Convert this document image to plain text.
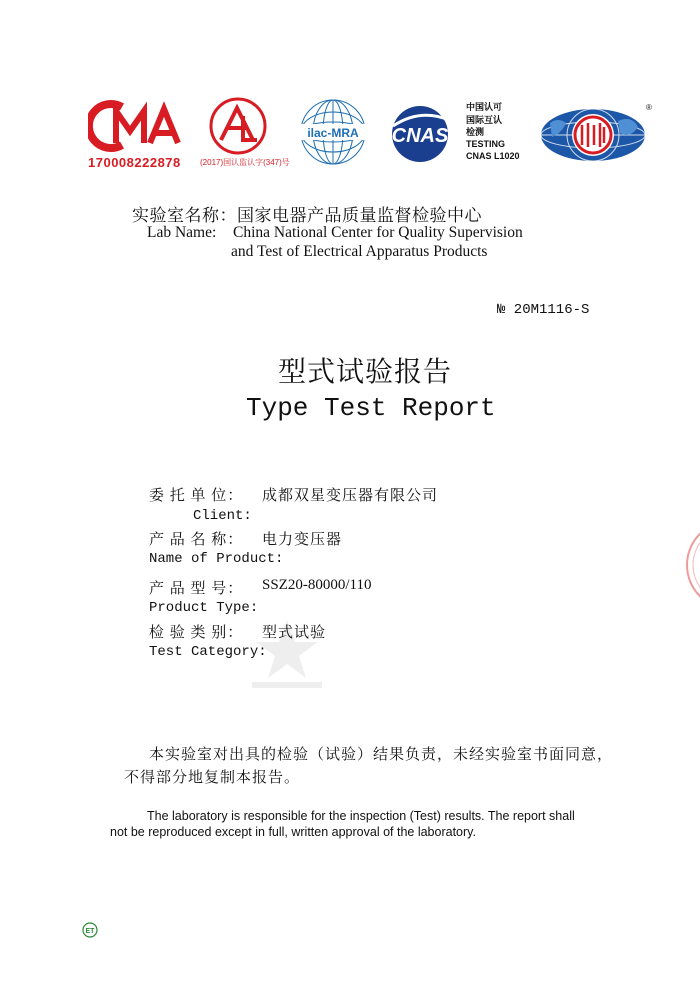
CMA
170008222878
CAL
(2017)国认监认字(347)号
ilac-MRA CNAS
中国认可
国际互认
检测
TESTING
CNAS L1020
®
实验室名称：国家电器产品质量监督检验中心
Lab Name: China National Center for Quality Supervision
and Test of Electrical Apparatus Products
№ 20M1116-S
型式试验报告
Type Test Report
委 托 单 位： 成都双星变压器有限公司
Client:
产 品 名 称： 电力变压器
Name of Product:
产 品 型 号： SSZ20-80000/110
Product Type:
检 验 类 别： 型式试验
Test Category:
本实验室对出具的检验（试验）结果负责，未经实验室书面同意，
不得部分地复制本报告。
The laboratory is responsible for the inspection (Test) results. The report shall
not be reproduced except in full, written approval of the laboratory.
ET
